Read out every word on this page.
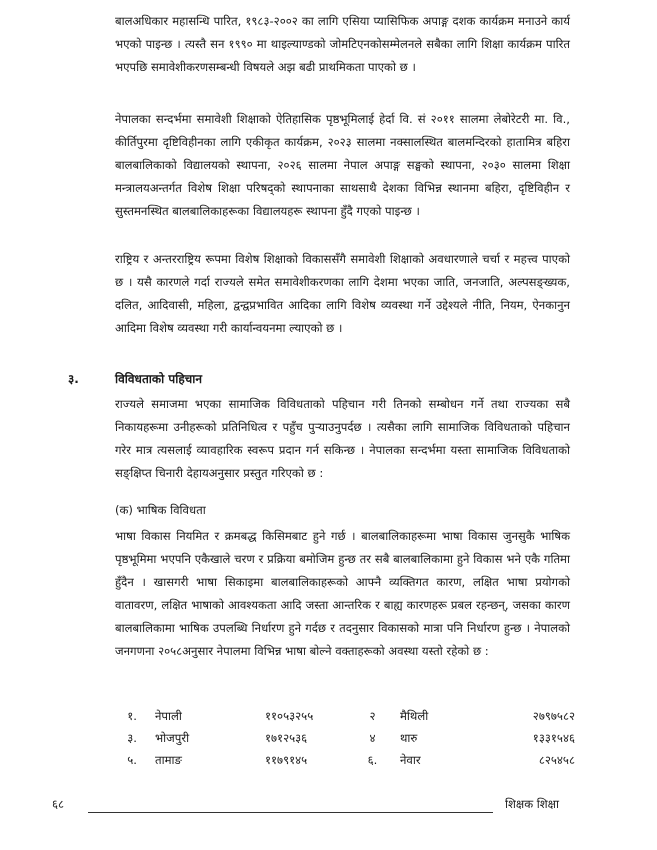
बालअधिकार महासन्धि पारित, १९८३-२००२ का लागि एसिया प्यासिफिक अपाङ्ग दशक कार्यक्रम मनाउने कार्य भएको पाइन्छ । त्यस्तै सन १९९० मा थाइल्याण्डको जोमटिएनकोसम्मेलनले सबैका लागि शिक्षा कार्यक्रम पारित भएपछि समावेशीकरणसम्बन्धी विषयले अझ बढी प्राथमिकता पाएको छ ।

नेपालका सन्दर्भमा समावेशी शिक्षाको ऐतिहासिक पृष्ठभूमिलाई हेर्दा वि. सं २०११ सालमा लेबोरेटरी मा. वि., कीर्तिपुरमा दृष्टिविहीनका लागि एकीकृत कार्यक्रम, २०२३ सालमा नक्सालस्थित बालमन्दिरको हातामित्र बहिरा बालबालिकाको विद्यालयको स्थापना, २०२६ सालमा नेपाल अपाङ्ग सङ्घको स्थापना, २०३० सालमा शिक्षा मन्त्रालयअन्तर्गत विशेष शिक्षा परिषद्को स्थापनाका साथसाथै देशका विभिन्न स्थानमा बहिरा, दृष्टिविहीन र सुस्तमनस्थित बालबालिकाहरूका विद्यालयहरू स्थापना हुँदै गएको पाइन्छ ।

राष्ट्रिय र अन्तरराष्ट्रिय रूपमा विशेष शिक्षाको विकाससँगै समावेशी शिक्षाको अवधारणाले चर्चा र महत्त्व पाएको छ । यसै कारणले गर्दा राज्यले समेत समावेशीकरणका लागि देशमा भएका जाति, जनजाति, अल्पसङ्ख्यक, दलित, आदिवासी, महिला, द्वन्द्वप्रभावित आदिका लागि विशेष व्यवस्था गर्ने उद्देश्यले नीति, नियम, ऐनकानुन आदिमा विशेष व्यवस्था गरी कार्यान्वयनमा ल्याएको छ ।

३.	विविधताको पहिचान

राज्यले समाजमा भएका सामाजिक विविधताको पहिचान गरी तिनको सम्बोधन गर्ने तथा राज्यका सबै निकायहरूमा उनीहरूको प्रतिनिधित्व र पहुँच पुऱ्याउनुपर्दछ । त्यसैका लागि सामाजिक विविधताको पहिचान गरेर मात्र त्यसलाई व्यावहारिक स्वरूप प्रदान गर्न सकिन्छ । नेपालका सन्दर्भमा यस्ता सामाजिक विविधताको सङ्क्षिप्त चिनारी देहायअनुसार प्रस्तुत गरिएको छ :

(क) भाषिक विविधता

भाषा विकास नियमित र क्रमबद्ध किसिमबाट हुने गर्छ । बालबालिकाहरूमा भाषा विकास जुनसुकै भाषिक पृष्ठभूमिमा भएपनि एकैखाले चरण र प्रक्रिया बमोजिम हुन्छ तर सबै बालबालिकामा हुने विकास भने एकै गतिमा हुँदैन । खासगरी भाषा सिकाइमा बालबालिकाहरूको आफ्नै व्यक्तिगत कारण, लक्षित भाषा प्रयोगको वातावरण, लक्षित भाषाको आवश्यकता आदि जस्ता आन्तरिक र बाह्य कारणहरू प्रबल रहन्छन्, जसका कारण बालबालिकामा भाषिक उपलब्धि निर्धारण हुने गर्दछ र तदनुसार विकासको मात्रा पनि निर्धारण हुन्छ । नेपालको जनगणना २०५८अनुसार नेपालमा विभिन्न भाषा बोल्ने वक्ताहरूको अवस्था यस्तो रहेको छ :

१.	नेपाली	११०५३२५५	२	मैथिली	२७९७५८२
३.	भोजपुरी	१७१२५३६	४	थारु	१३३१५४६
५.	तामाङ	११७९१४५	६.	नेवार	८२५४५८
६८	शिक्षक शिक्षा
